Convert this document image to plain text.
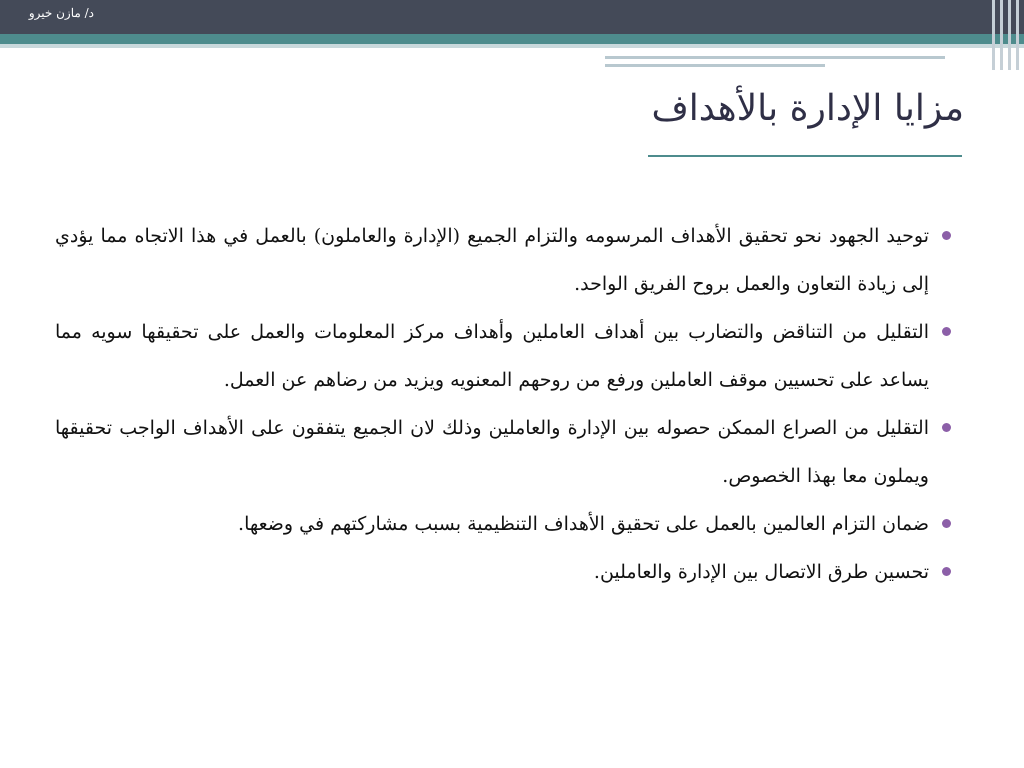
د/ مازن خيرو
مزايا الإدارة بالأهداف
توحيد الجهود نحو تحقيق الأهداف المرسومه والتزام الجميع (الإدارة والعاملون) بالعمل في هذا الاتجاه مما يؤدي إلى زيادة التعاون والعمل بروح الفريق الواحد.
التقليل من التناقض والتضارب بين أهداف العاملين وأهداف مركز المعلومات والعمل على تحقيقها سويه مما يساعد على تحسيين موقف العاملين ورفع من روحهم المعنويه ويزيد من رضاهم عن العمل.
التقليل من الصراع الممكن حصوله بين الإدارة والعاملين وذلك لان الجميع يتفقون على الأهداف الواجب تحقيقها ويملون معا بهذا الخصوص.
ضمان التزام العالمين بالعمل على تحقيق الأهداف التنظيمية بسبب مشاركتهم في وضعها.
تحسين طرق الاتصال بين الإدارة والعاملين.
